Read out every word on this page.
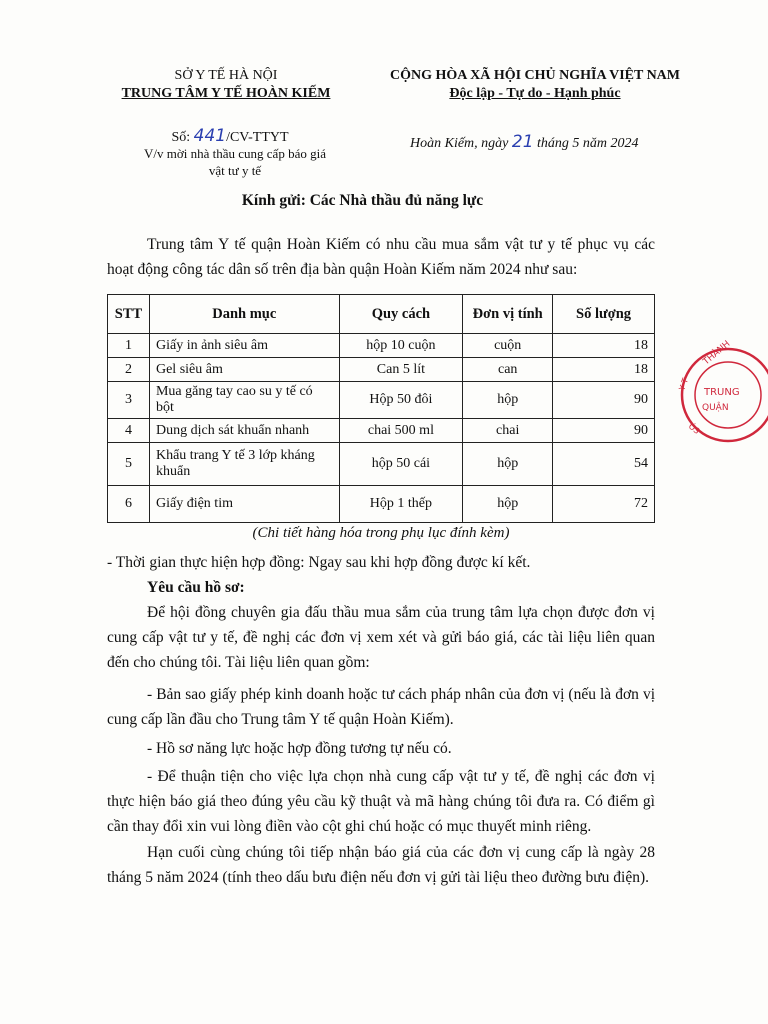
SỞ Y TẾ HÀ NỘI
TRUNG TÂM Y TẾ HOÀN KIẾM
CỘNG HÒA XÃ HỘI CHỦ NGHĨA VIỆT NAM
Độc lập - Tự do - Hạnh phúc
Số: 441/CV-TTYT
V/v mời nhà thầu cung cấp báo giá
vật tư y tế
Hoàn Kiếm, ngày 21 tháng 5 năm 2024
Kính gửi: Các Nhà thầu đủ năng lực
Trung tâm Y tế quận Hoàn Kiếm có nhu cầu mua sắm vật tư y tế phục vụ các hoạt động công tác dân số trên địa bàn quận Hoàn Kiếm năm 2024 như sau:
STT	Danh mục	Quy cách	Đơn vị tính	Số lượng
1	Giấy in ảnh siêu âm	hộp 10 cuộn	cuộn	18
2	Gel siêu âm	Can 5 lít	can	18
3	Mua găng tay cao su y tế có bột	Hộp 50 đôi	hộp	90
4	Dung dịch sát khuẩn nhanh	chai 500 ml	chai	90
5	Khẩu trang Y tế 3 lớp kháng khuẩn	hộp 50 cái	hộp	54
6	Giấy điện tim	Hộp 1 thếp	hộp	72
(Chi tiết hàng hóa trong phụ lục đính kèm)
- Thời gian thực hiện hợp đồng: Ngay sau khi hợp đồng được kí kết.
Yêu cầu hồ sơ:
Để hội đồng chuyên gia đấu thầu mua sắm của trung tâm lựa chọn được đơn vị cung cấp vật tư y tế, đề nghị các đơn vị xem xét và gửi báo giá, các tài liệu liên quan đến cho chúng tôi. Tài liệu liên quan gồm:
- Bản sao giấy phép kinh doanh hoặc tư cách pháp nhân của đơn vị (nếu là đơn vị cung cấp lần đầu cho Trung tâm Y tế quận Hoàn Kiếm).
- Hồ sơ năng lực hoặc hợp đồng tương tự nếu có.
- Để thuận tiện cho việc lựa chọn nhà cung cấp vật tư y tế, đề nghị các đơn vị thực hiện báo giá theo đúng yêu cầu kỹ thuật và mã hàng chúng tôi đưa ra. Có điểm gì cần thay đổi xin vui lòng điền vào cột ghi chú hoặc có mục thuyết minh riêng.
Hạn cuối cùng chúng tôi tiếp nhận báo giá của các đơn vị cung cấp là ngày 28 tháng 5 năm 2024 (tính theo dấu bưu điện nếu đơn vị gửi tài liệu theo đường bưu điện).
THÀNH
TRUNG
QUẬN
Y T
ÓS
